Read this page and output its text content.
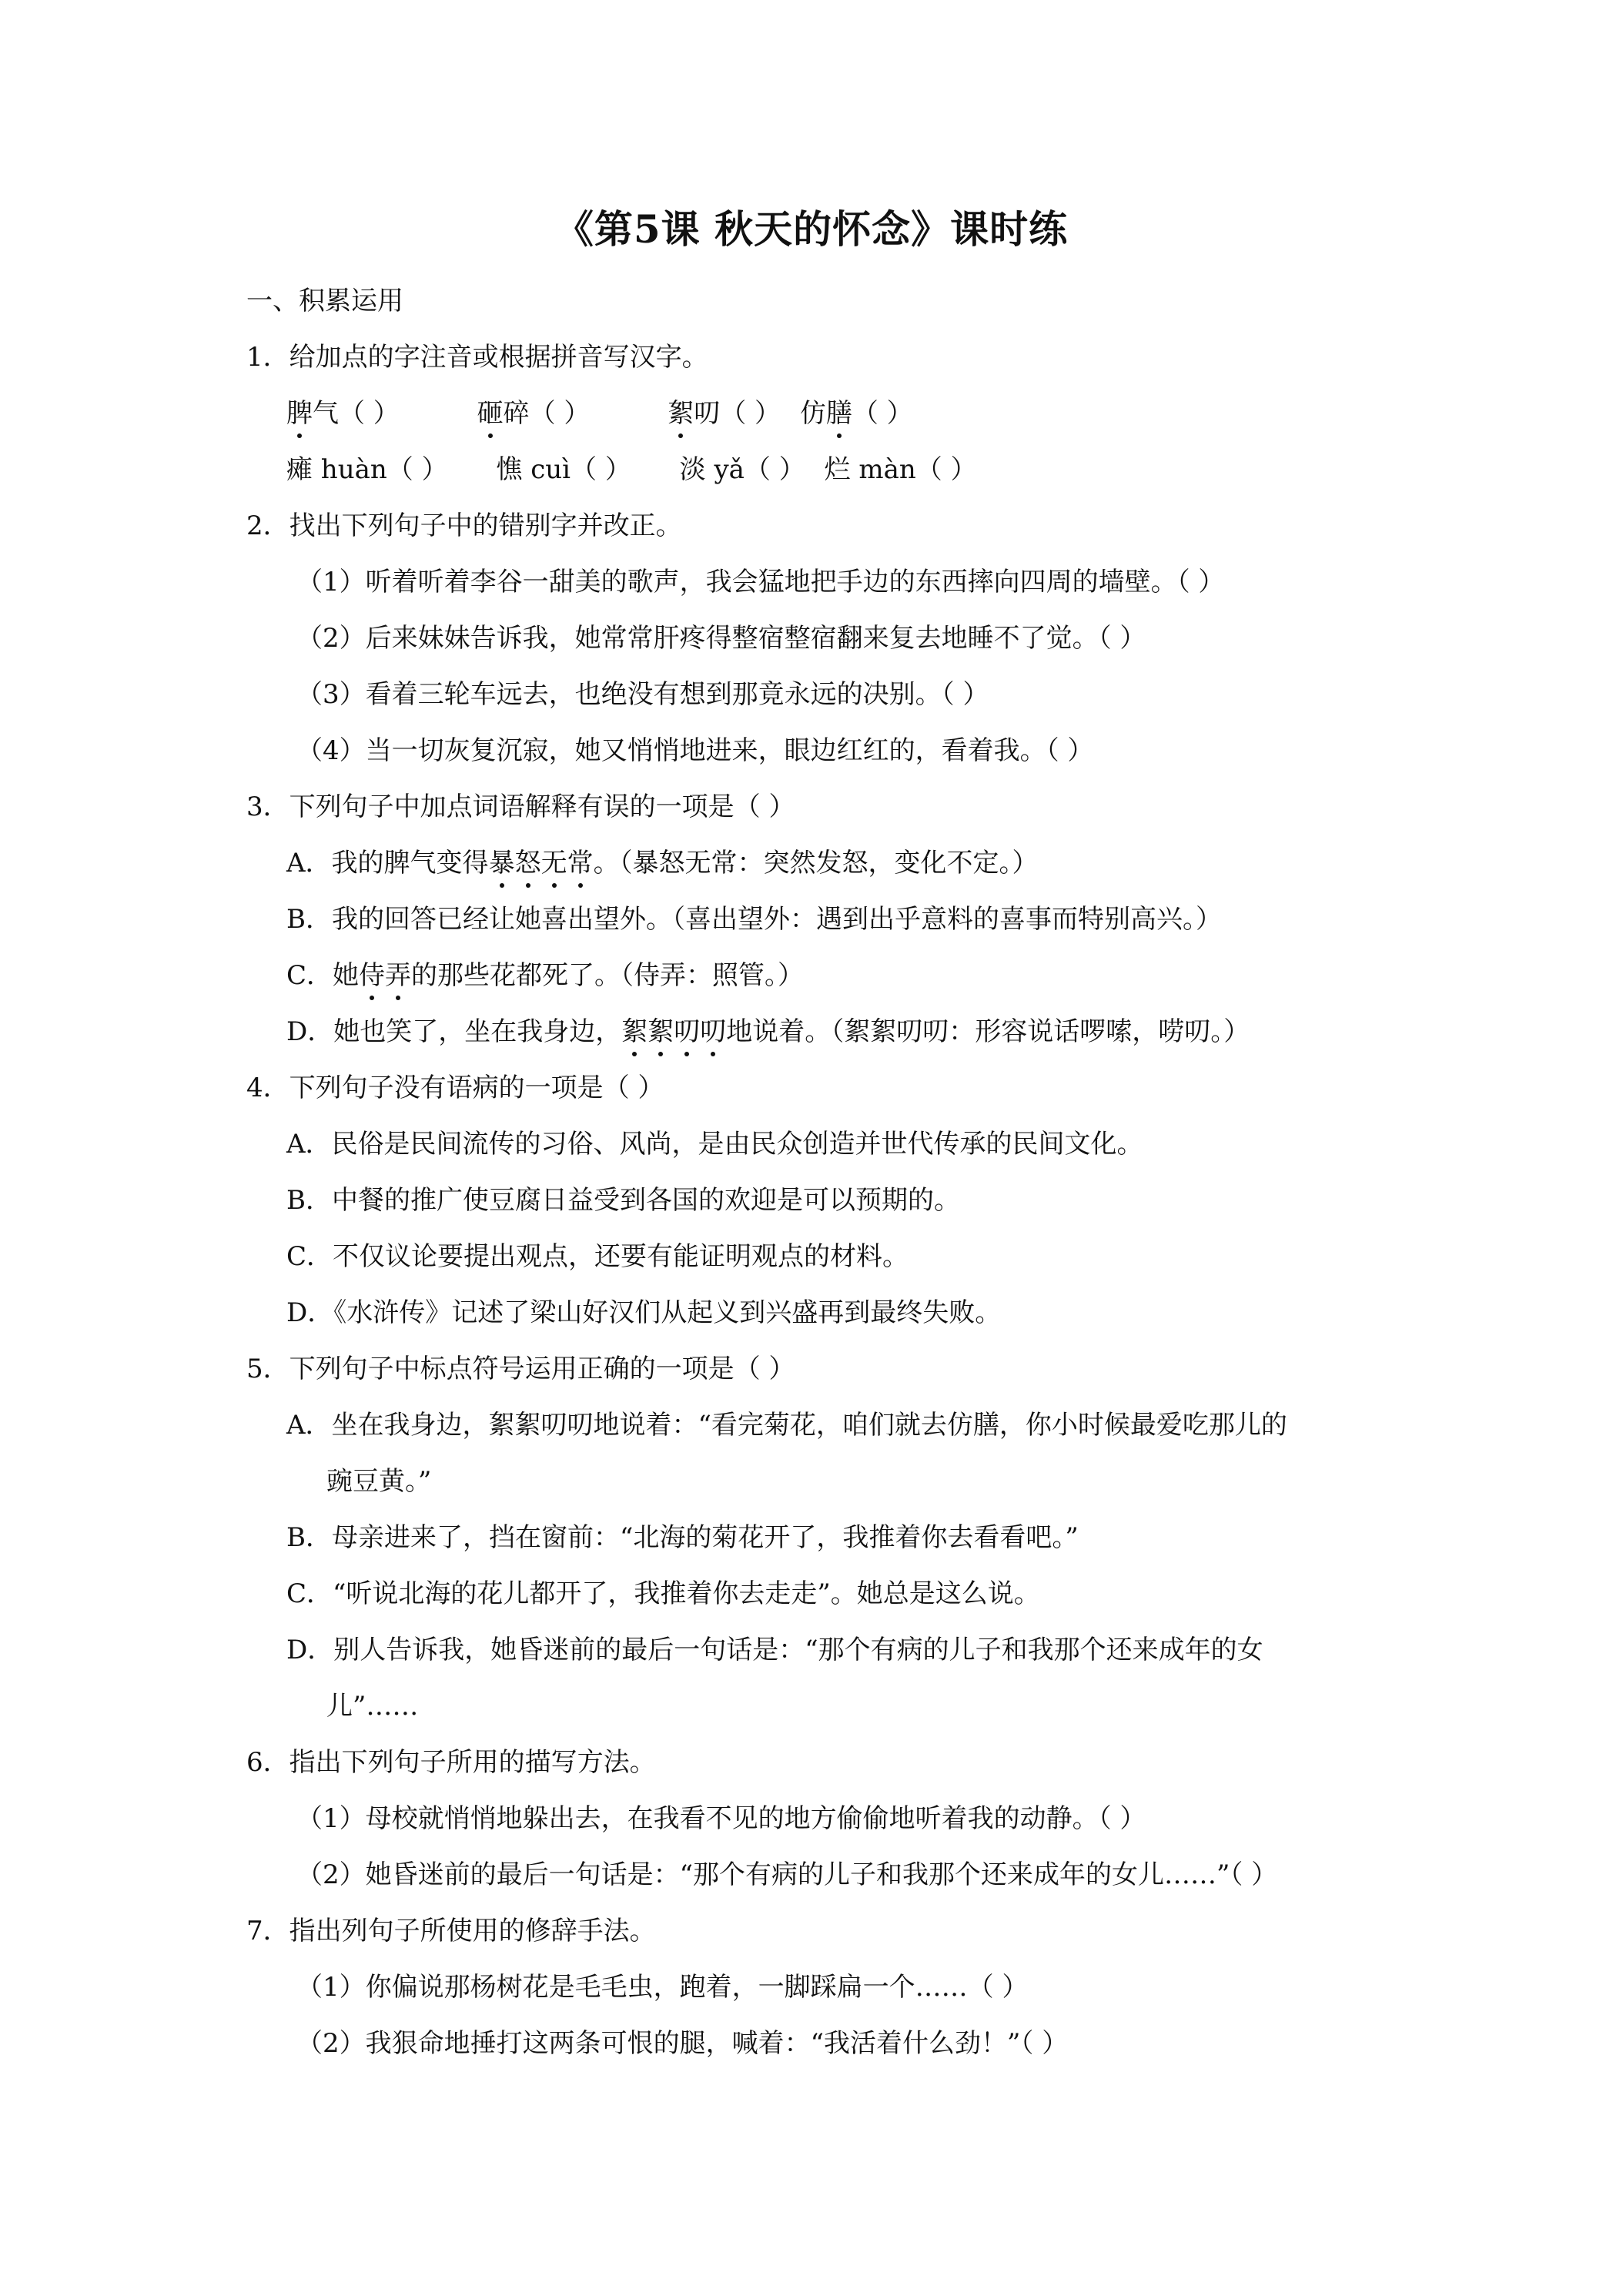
《第5课 秋天的怀念》课时练
一、积累运用
1．给加点的字注音或根据拼音写汉字。
脾气（ ）	砸碎（ ）	絮叨（ ） 仿膳（ ）
瘫 huàn（ ） 憔 cuì（ ） 淡 yǎ（ ） 烂 màn（ ）
2．找出下列句子中的错别字并改正。
（1）听着听着李谷一甜美的歌声，我会猛地把手边的东西摔向四周的墙壁。（ ）
（2）后来妹妹告诉我，她常常肝疼得整宿整宿翻来复去地睡不了觉。（ ）
（3）看着三轮车远去，也绝没有想到那竟永远的决别。（ ）
（4）当一切灰复沉寂，她又悄悄地进来，眼边红红的，看着我。（ ）
3．下列句子中加点词语解释有误的一项是（ ）
A．我的脾气变得暴怒无常。（暴怒无常：突然发怒，变化不定。）
B．我的回答已经让她喜出望外。（喜出望外：遇到出乎意料的喜事而特别高兴。）
C．她侍弄的那些花都死了。（侍弄：照管。）
D．她也笑了，坐在我身边，絮絮叨叨地说着。（絮絮叨叨：形容说话啰嗦，唠叨。）
4．下列句子没有语病的一项是（ ）
A．民俗是民间流传的习俗、风尚，是由民众创造并世代传承的民间文化。
B．中餐的推广使豆腐日益受到各国的欢迎是可以预期的。
C．不仅议论要提出观点，还要有能证明观点的材料。
D．《水浒传》记述了梁山好汉们从起义到兴盛再到最终失败。
5．下列句子中标点符号运用正确的一项是（ ）
A．坐在我身边，絮絮叨叨地说着：“看完菊花，咱们就去仿膳，你小时候最爱吃那儿的
豌豆黄。”
B．母亲进来了，挡在窗前：“北海的菊花开了，我推着你去看看吧。”
C．“听说北海的花儿都开了，我推着你去走走”。她总是这么说。
D．别人告诉我，她昏迷前的最后一句话是：“那个有病的儿子和我那个还来成年的女
儿”……
6．指出下列句子所用的描写方法。
（1）母校就悄悄地躲出去，在我看不见的地方偷偷地听着我的动静。（ ）
（2）她昏迷前的最后一句话是：“那个有病的儿子和我那个还来成年的女儿……”（ ）
7．指出列句子所使用的修辞手法。
（1）你偏说那杨树花是毛毛虫，跑着，一脚踩扁一个……（ ）
（2）我狠命地捶打这两条可恨的腿，喊着：“我活着什么劲！”（ ）
